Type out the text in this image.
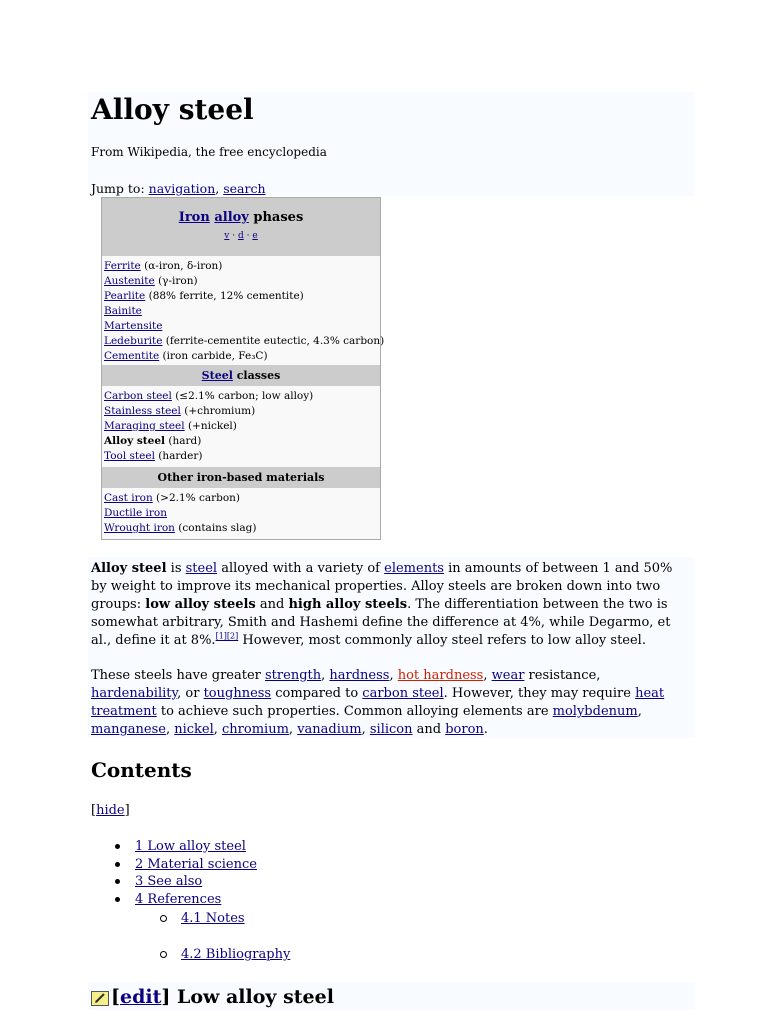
Alloy steel
From Wikipedia, the free encyclopedia
Jump to: navigation, search
Iron alloy phases
v · d · e
Ferrite (α-iron, δ-iron)
Austenite (γ-iron)
Pearlite (88% ferrite, 12% cementite)
Bainite
Martensite
Ledeburite (ferrite-cementite eutectic, 4.3% carbon)
Cementite (iron carbide, Fe₃C)
Steel classes
Carbon steel (≤2.1% carbon; low alloy)
Stainless steel (+chromium)
Maraging steel (+nickel)
Alloy steel (hard)
Tool steel (harder)
Other iron-based materials
Cast iron (>2.1% carbon)
Ductile iron
Wrought iron (contains slag)
Alloy steel is steel alloyed with a variety of elements in amounts of between 1 and 50% by weight to improve its mechanical properties. Alloy steels are broken down into two groups: low alloy steels and high alloy steels. The differentiation between the two is somewhat arbitrary, Smith and Hashemi define the difference at 4%, while Degarmo, et al., define it at 8%.[1][2] However, most commonly alloy steel refers to low alloy steel.
These steels have greater strength, hardness, hot hardness, wear resistance, hardenability, or toughness compared to carbon steel. However, they may require heat treatment to achieve such properties. Common alloying elements are molybdenum, manganese, nickel, chromium, vanadium, silicon and boron.
Contents
[hide]
1 Low alloy steel
2 Material science
3 See also
4 References
4.1 Notes
4.2 Bibliography
[edit] Low alloy steel
